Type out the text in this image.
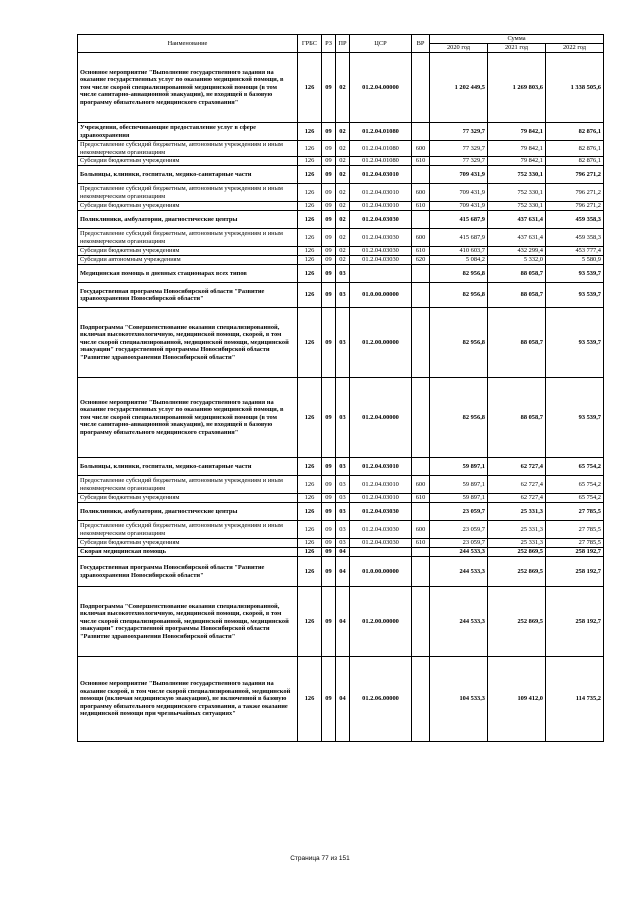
Наименование	ГРБС	РЗ	ПР	ЦСР	ВР	Сумма		
						2020 год	2021 год	2022 год
Основное мероприятие "Выполнение государственного задания на оказание государственных услуг по оказанию медицинской помощи, в том числе скорой специализированной медицинской помощи (в том числе санитарно-авиационной эвакуации), не входящей в базовую программу обязательного медицинского страхования"	126	09	02	01.2.04.00000		1 202 449,5	1 269 803,6	1 338 505,6
Учреждения, обеспечивающие предоставление услуг в сфере здравоохранения	126	09	02	01.2.04.01080		77 329,7	79 842,1	82 876,1
Предоставление субсидий бюджетным, автономным учреждениям и иным некоммерческим организациям	126	09	02	01.2.04.01080	600	77 329,7	79 842,1	82 876,1
Субсидии бюджетным учреждениям	126	09	02	01.2.04.01080	610	77 329,7	79 842,1	82 876,1
Больницы, клиники, госпитали, медико-санитарные части	126	09	02	01.2.04.03010		709 431,9	752 330,1	796 271,2
Предоставление субсидий бюджетным, автономным учреждениям и иным некоммерческим организациям	126	09	02	01.2.04.03010	600	709 431,9	752 330,1	796 271,2
Субсидии бюджетным учреждениям	126	09	02	01.2.04.03010	610	709 431,9	752 330,1	796 271,2
Поликлиники, амбулатории, диагностические центры	126	09	02	01.2.04.03030		415 687,9	437 631,4	459 358,3
Предоставление субсидий бюджетным, автономным учреждениям и иным некоммерческим организациям	126	09	02	01.2.04.03030	600	415 687,9	437 631,4	459 358,3
Субсидии бюджетным учреждениям	126	09	02	01.2.04.03030	610	410 603,7	432 299,4	453 777,4
Субсидии автономным учреждениям	126	09	02	01.2.04.03030	620	5 084,2	5 332,0	5 580,9
Медицинская помощь в дневных стационарах всех типов	126	09	03			82 956,8	88 058,7	93 539,7
Государственная программа Новосибирской области "Развитие здравоохранения Новосибирской области"	126	09	03	01.0.00.00000		82 956,8	88 058,7	93 539,7
Подпрограмма "Совершенствование оказания специализированной, включая высокотехнологичную, медицинской помощи, скорой, в том числе скорой специализированной, медицинской помощи, медицинской эвакуации" государственной программы Новосибирской области "Развитие здравоохранения Новосибирской области"	126	09	03	01.2.00.00000		82 956,8	88 058,7	93 539,7
Основное мероприятие "Выполнение государственного задания на оказание государственных услуг по оказанию медицинской помощи, в том числе скорой специализированной медицинской помощи (в том числе санитарно-авиационной эвакуации), не входящей в базовую программу обязательного медицинского страхования"	126	09	03	01.2.04.00000		82 956,8	88 058,7	93 539,7
Больницы, клиники, госпитали, медико-санитарные части	126	09	03	01.2.04.03010		59 897,1	62 727,4	65 754,2
Предоставление субсидий бюджетным, автономным учреждениям и иным некоммерческим организациям	126	09	03	01.2.04.03010	600	59 897,1	62 727,4	65 754,2
Субсидии бюджетным учреждениям	126	09	03	01.2.04.03010	610	59 897,1	62 727,4	65 754,2
Поликлиники, амбулатории, диагностические центры	126	09	03	01.2.04.03030		23 059,7	25 331,3	27 785,5
Предоставление субсидий бюджетным, автономным учреждениям и иным некоммерческим организациям	126	09	03	01.2.04.03030	600	23 059,7	25 331,3	27 785,5
Субсидии бюджетным учреждениям	126	09	03	01.2.04.03030	610	23 059,7	25 331,3	27 785,5
Скорая медицинская помощь	126	09	04			244 533,3	252 869,5	258 192,7
Государственная программа Новосибирской области "Развитие здравоохранения Новосибирской области"	126	09	04	01.0.00.00000		244 533,3	252 869,5	258 192,7
Подпрограмма "Совершенствование оказания специализированной, включая высокотехнологичную, медицинской помощи, скорой, в том числе скорой специализированной, медицинской помощи, медицинской эвакуации" государственной программы Новосибирской области "Развитие здравоохранения Новосибирской области"	126	09	04	01.2.00.00000		244 533,3	252 869,5	258 192,7
Основное мероприятие "Выполнение государственного задания на оказание скорой, в том числе скорой специализированной, медицинской помощи (включая медицинскую эвакуацию), не включенной в базовую программу обязательного медицинского страхования, а также оказание медицинской помощи при чрезвычайных ситуациях"	126	09	04	01.2.06.00000		104 533,3	109 412,0	114 735,2
Страница 77 из 151
